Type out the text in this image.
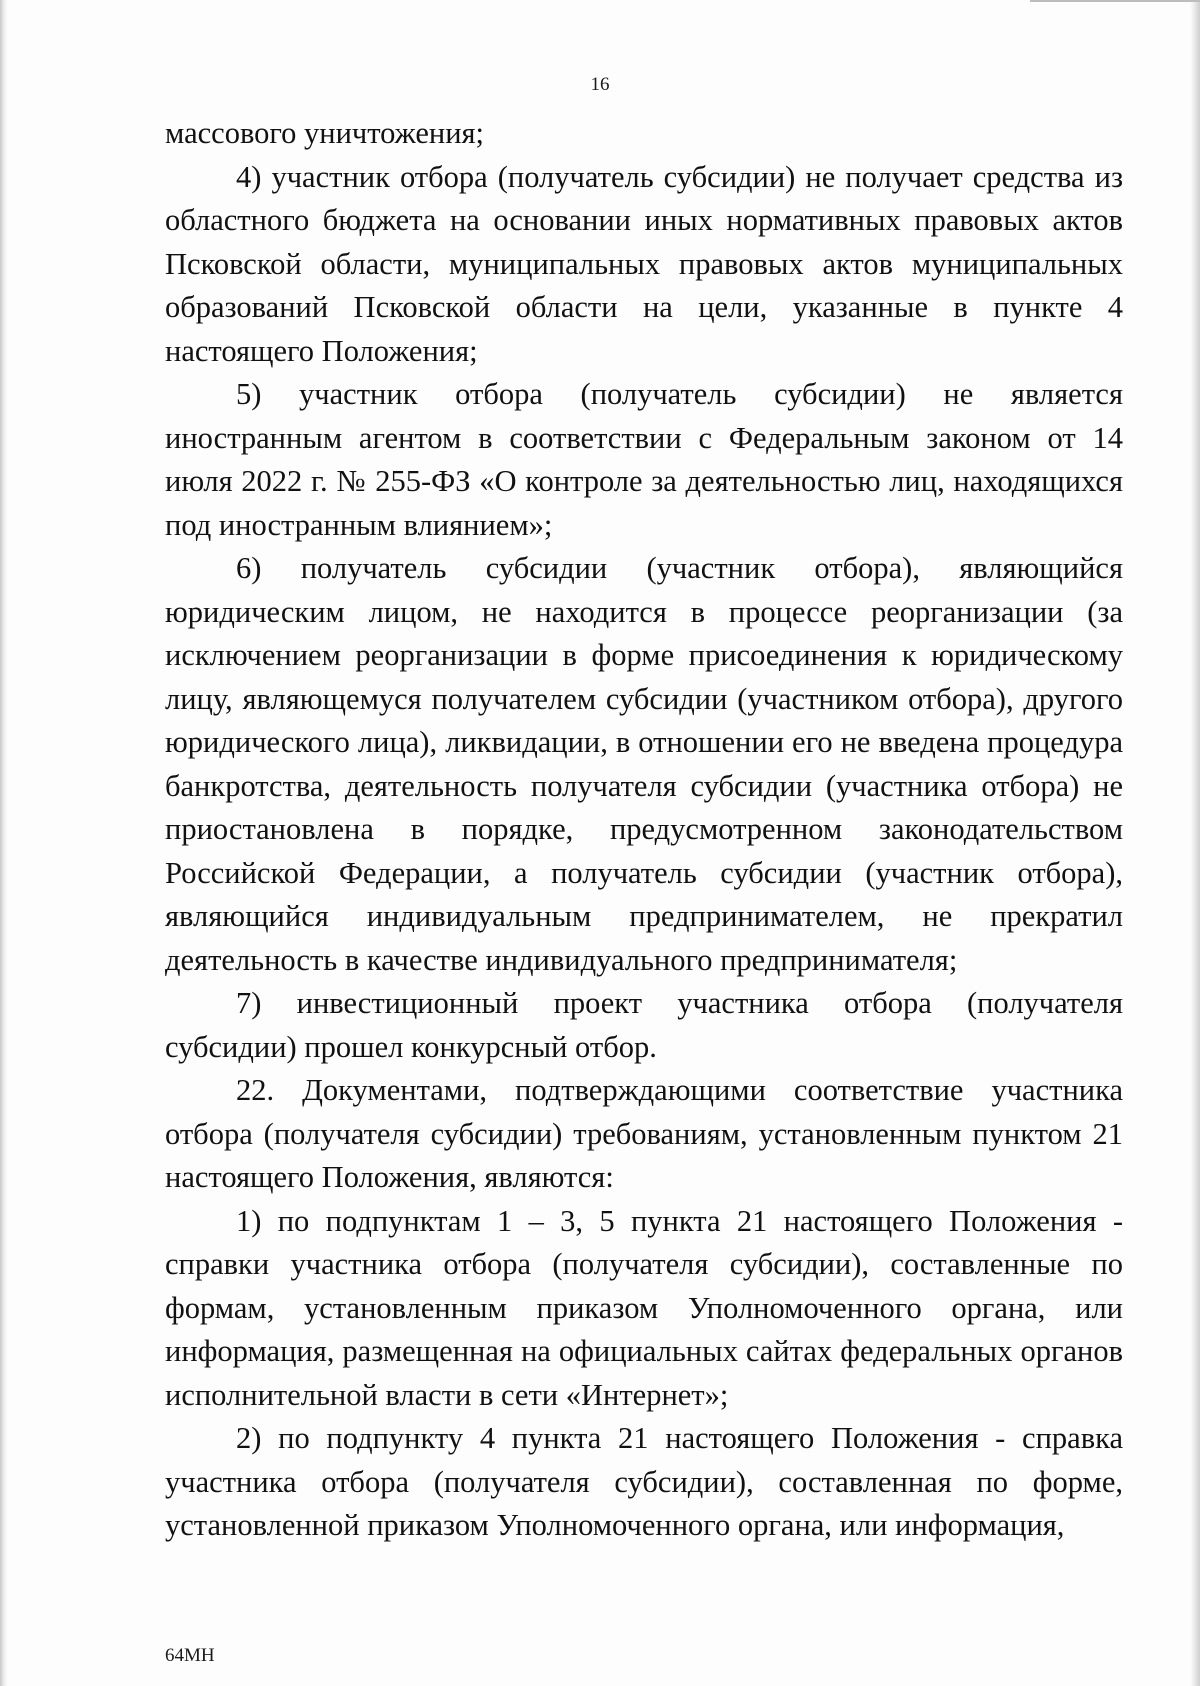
16

массового уничтожения;

4) участник отбора (получатель субсидии) не получает средства из областного бюджета на основании иных нормативных правовых актов Псковской области, муниципальных правовых актов муниципальных образований Псковской области на цели, указанные в пункте 4 настоящего Положения;

5) участник отбора (получатель субсидии) не является иностранным агентом в соответствии с Федеральным законом от 14 июля 2022 г. № 255-ФЗ «О контроле за деятельностью лиц, находящихся под иностранным влиянием»;

6) получатель субсидии (участник отбора), являющийся юридическим лицом, не находится в процессе реорганизации (за исключением реорганизации в форме присоединения к юридическому лицу, являющемуся получателем субсидии (участником отбора), другого юридического лица), ликвидации, в отношении его не введена процедура банкротства, деятельность получателя субсидии (участника отбора) не приостановлена в порядке, предусмотренном законодательством Российской Федерации, а получатель субсидии (участник отбора), являющийся индивидуальным предпринимателем, не прекратил деятельность в качестве индивидуального предпринимателя;

7) инвестиционный проект участника отбора (получателя субсидии) прошел конкурсный отбор.

22. Документами, подтверждающими соответствие участника отбора (получателя субсидии) требованиям, установленным пунктом 21 настоящего Положения, являются:

1) по подпунктам 1 – 3, 5 пункта 21 настоящего Положения - справки участника отбора (получателя субсидии), составленные по формам, установленным приказом Уполномоченного органа, или информация, размещенная на официальных сайтах федеральных органов исполнительной власти в сети «Интернет»;

2) по подпункту 4 пункта 21 настоящего Положения - справка участника отбора (получателя субсидии), составленная по форме, установленной приказом Уполномоченного органа, или информация,

64МН
